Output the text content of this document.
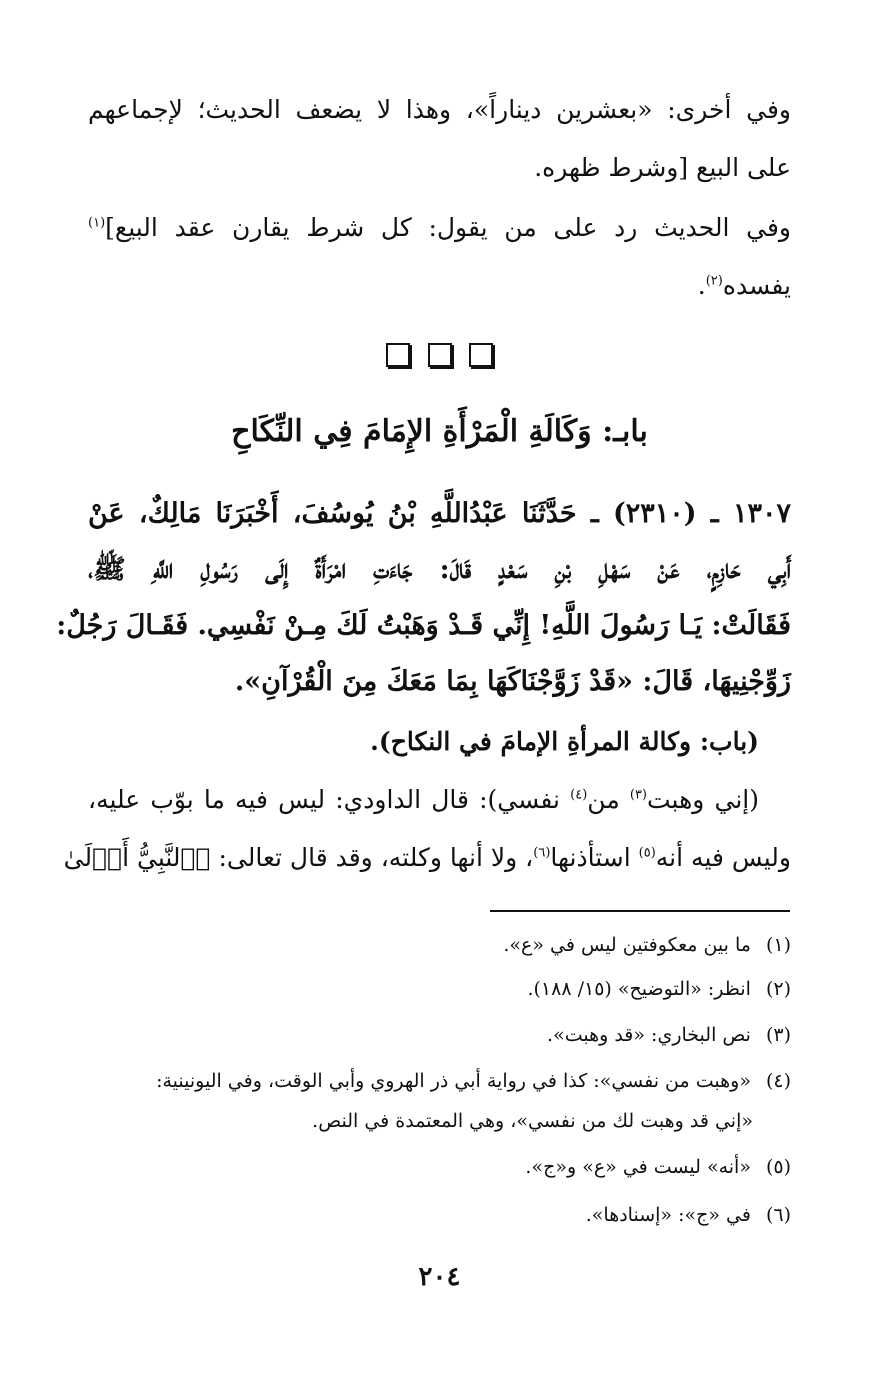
وفي أخرى: «بعشرين ديناراً»، وهذا لا يضعف الحديث؛ لإجماعهم
على البيع [وشرط ظهره.
وفي الحديث رد على من يقول: كل شرط يقارن عقد البيع]$^{(١)}$
يفسده$^{(٢)}$.

بابـ: وَكَالَةِ الْمَرْأَةِ الإِمَامَ فِي النِّكَاحِ
١٣٠٧ ـ (٢٣١٠) ـ حَدَّثَنَا عَبْدُاللَّهِ بْنُ يُوسُفَ، أَخْبَرَنَا مَالِكٌ، عَنْ
أَبِي حَازِمٍ، عَنْ سَهْلِ بْنِ سَعْدٍ قَالَ: جَاءَتِ امْرَأَةٌ إِلَى رَسُولِ اللَّهِ ﷺ،
فَقَالَتْ: يَـا رَسُولَ اللَّهِ! إِنِّي قَـدْ وَهَبْتُ لَكَ مِـنْ نَفْسِي. فَقَـالَ رَجُلٌ:
زَوِّجْنِيهَا، قَالَ: «قَدْ زَوَّجْنَاكَهَا بِمَا مَعَكَ مِنَ الْقُرْآنِ».
(باب: وكالة المرأةِ الإمامَ في النكاح).
(إني وهبت$^{(٣)}$ من$^{(٤)}$ نفسي): قال الداودي: ليس فيه ما بوّب عليه،
وليس فيه أنه$^{(٥)}$ استأذنها$^{(٦)}$، ولا أنها وكلته، وقد قال تعالى: ﴿ٱلنَّبِيُّ أَوۡلَىٰ
(١) ما بين معكوفتين ليس في «ع».
(٢) انظر: «التوضيح» (١٥/ ١٨٨).
(٣) نص البخاري: «قد وهبت».
(٤) «وهبت من نفسي»: كذا في رواية أبي ذر الهروي وأبي الوقت، وفي اليونينية:
«إني قد وهبت لك من نفسي»، وهي المعتمدة في النص.
(٥) «أنه» ليست في «ع» و«ج».
(٦) في «ج»: «إسنادها».
٢٠٤
